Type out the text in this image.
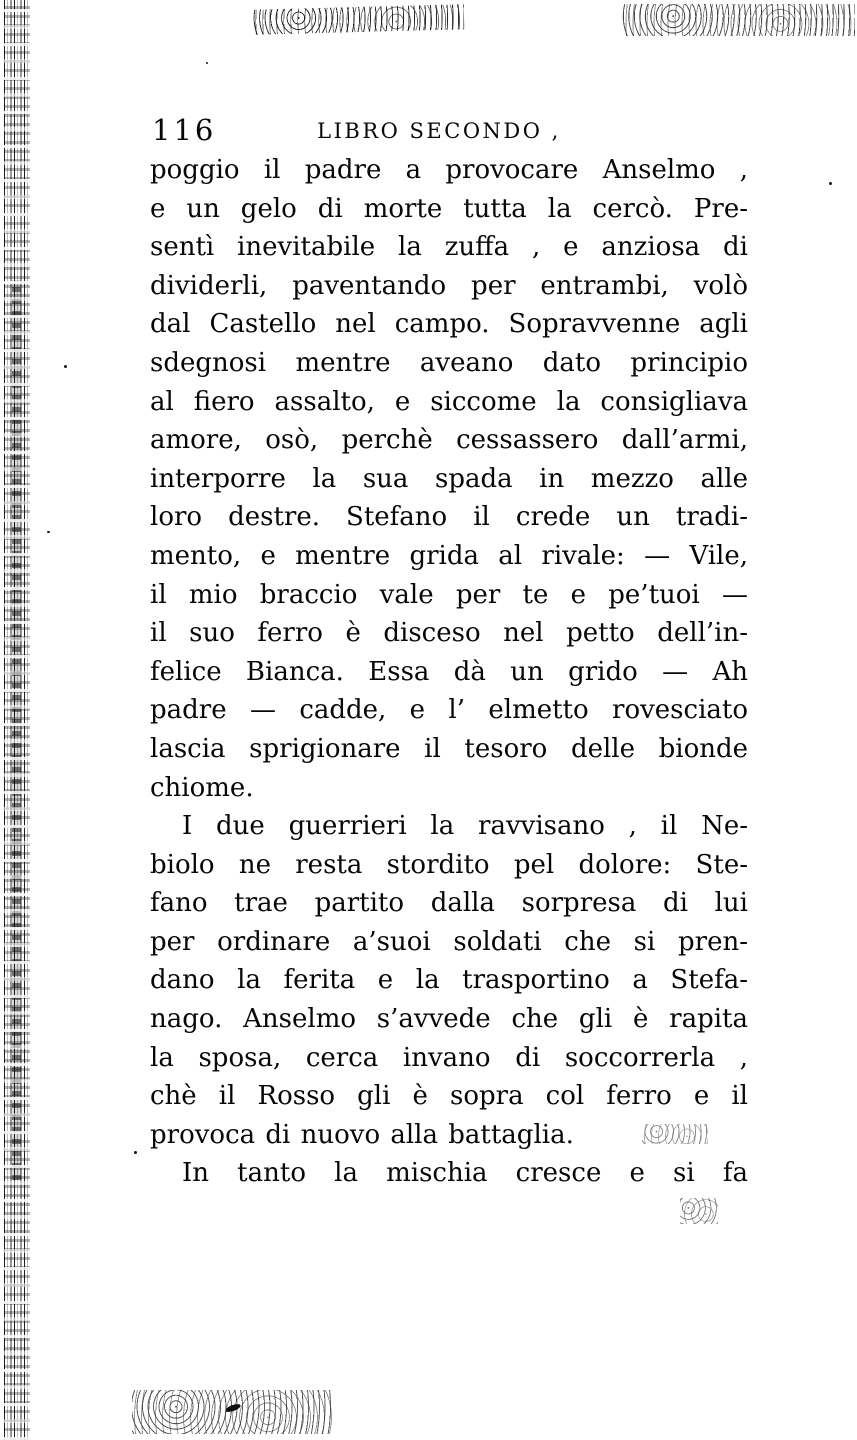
116	LIBRO SECONDO ,

poggio il padre a provocare Anselmo ,

e un gelo di morte tutta la cercò. Pre-

sentì inevitabile la zuffa , e anziosa di

dividerli, paventando per entrambi, volò

dal Castello nel campo. Sopravvenne agli

sdegnosi mentre aveano dato principio

al fiero assalto, e siccome la consigliava

amore, osò, perchè cessassero dall’armi,

interporre la sua spada in mezzo alle

loro destre. Stefano il crede un tradi-

mento, e mentre grida al rivale: — Vile,

il mio braccio vale per te e pe’tuoi —

il suo ferro è disceso nel petto dell’in-

felice Bianca. Essa dà un grido — Ah

padre — cadde, e l’ elmetto rovesciato

lascia sprigionare il tesoro delle bionde

chiome.

I due guerrieri la ravvisano , il Ne-

biolo ne resta stordito pel dolore: Ste-

fano trae partito dalla sorpresa di lui

per ordinare a’suoi soldati che si pren-

dano la ferita e la trasportino a Stefa-

nago. Anselmo s’avvede che gli è rapita

la sposa, cerca invano di soccorrerla ,

chè il Rosso gli è sopra col ferro e il

provoca di nuovo alla battaglia.

In tanto la mischia cresce e si fa
